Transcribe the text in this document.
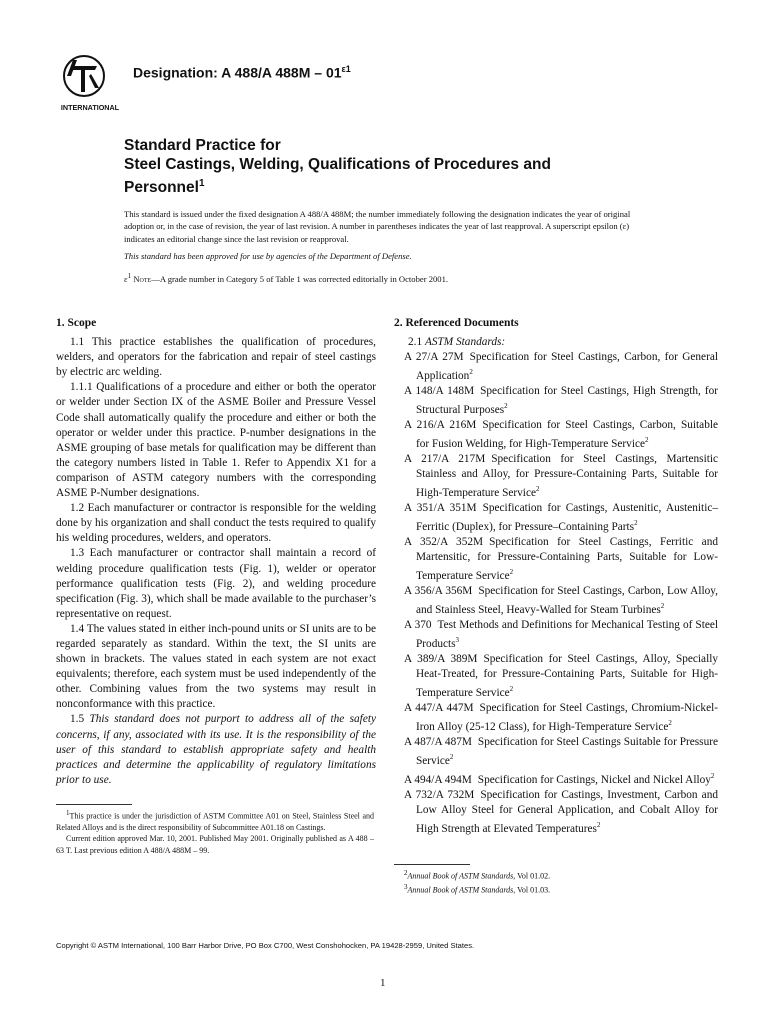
INTERNATIONAL
Designation: A 488/A $488M - 01^{\varepsilon 1}$
Standard Practice for
Steel Castings, Welding, Qualifications of Procedures and
Personnel$^1$

This standard is issued under the fixed designation A 488/A 488M; the number immediately following the designation indicates the year of original adoption or, in the case of revision, the year of last revision. A number in parentheses indicates the year of last reapproval. A superscript epsilon (ε) indicates an editorial change since the last revision or reapproval.

This standard has been approved for use by agencies of the Department of Defense.

$\varepsilon^1$ Note—A grade number in Category 5 of Table 1 was corrected editorially in October 2001.

1. Scope

1.1 This practice establishes the qualification of procedures, welders, and operators for the fabrication and repair of steel castings by electric arc welding.

1.1.1 Qualifications of a procedure and either or both the operator or welder under Section IX of the ASME Boiler and Pressure Vessel Code shall automatically qualify the procedure and either or both the operator or welder under this practice. P-number designations in the ASME grouping of base metals for qualification may be different than the category numbers listed in Table 1. Refer to Appendix X1 for a comparison of ASTM category numbers with the corresponding ASME P-Number designations.

1.2 Each manufacturer or contractor is responsible for the welding done by his organization and shall conduct the tests required to qualify his welding procedures, welders, and operators.

1.3 Each manufacturer or contractor shall maintain a record of welding procedure qualification tests (Fig. 1), welder or operator performance qualification tests (Fig. 2), and welding procedure specification (Fig. 3), which shall be made available to the purchaser’s representative on request.

1.4 The values stated in either inch-pound units or SI units are to be regarded separately as standard. Within the text, the SI units are shown in brackets. The values stated in each system are not exact equivalents; therefore, each system must be used independently of the other. Combining values from the two systems may result in nonconformance with this practice.

1.5 This standard does not purport to address all of the safety concerns, if any, associated with its use. It is the responsibility of the user of this standard to establish appropriate safety and health practices and determine the applicability of regulatory limitations prior to use.

2. Referenced Documents

2.1 ASTM Standards:

A 27/A 27M Specification for Steel Castings, Carbon, for General Application$^2$

A 148/A 148M Specification for Steel Castings, High Strength, for Structural Purposes$^2$

A 216/A 216M Specification for Steel Castings, Carbon, Suitable for Fusion Welding, for High-Temperature Service$^2$

A 217/A 217M Specification for Steel Castings, Martensitic Stainless and Alloy, for Pressure-Containing Parts, Suitable for High-Temperature Service$^2$

A 351/A 351M Specification for Castings, Austenitic, Austenitic–Ferritic (Duplex), for Pressure–Containing Parts$^2$

A 352/A 352M Specification for Steel Castings, Ferritic and Martensitic, for Pressure-Containing Parts, Suitable for Low-Temperature Service$^2$

A 356/A 356M Specification for Steel Castings, Carbon, Low Alloy, and Stainless Steel, Heavy-Walled for Steam Turbines$^2$

A 370 Test Methods and Definitions for Mechanical Testing of Steel Products$^3$

A 389/A 389M Specification for Steel Castings, Alloy, Specially Heat-Treated, for Pressure-Containing Parts, Suitable for High-Temperature Service$^2$

A 447/A 447M Specification for Steel Castings, Chromium-Nickel-Iron Alloy (25-12 Class), for High-Temperature Service$^2$

A 487/A 487M Specification for Steel Castings Suitable for Pressure Service$^2$

A 494/A 494M Specification for Castings, Nickel and Nickel Alloy$^2$

A 732/A 732M Specification for Castings, Investment, Carbon and Low Alloy Steel for General Application, and Cobalt Alloy for High Strength at Elevated Temperatures$^2$

$^1$This practice is under the jurisdiction of ASTM Committee A01 on Steel, Stainless Steel and Related Alloys and is the direct responsibility of Subcommittee A01.18 on Castings.

Current edition approved Mar. 10, 2001. Published May 2001. Originally published as A 488 – 63 T. Last previous edition A 488/A 488M – 99.

$^2$Annual Book of ASTM Standards, Vol 01.02.

$^3$Annual Book of ASTM Standards, Vol 01.03.

Copyright © ASTM International, 100 Barr Harbor Drive, PO Box C700, West Conshohocken, PA 19428-2959, United States.
1
